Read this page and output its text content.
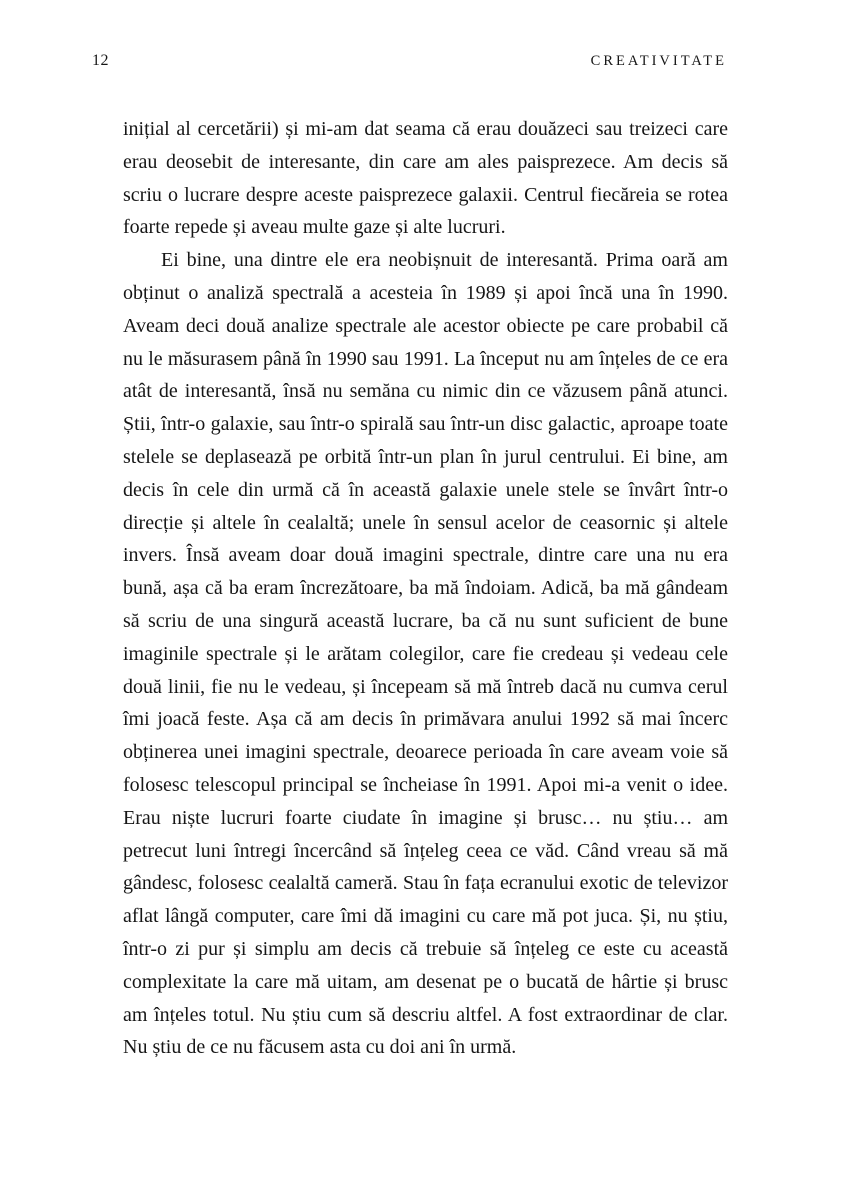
12	CREATIVITATE

inițial al cercetării) și mi-am dat seama că erau douăzeci sau treizeci care erau deosebit de interesante, din care am ales paisprezece. Am decis să scriu o lucrare despre aceste paisprezece galaxii. Centrul fiecăreia se rotea foarte repede și aveau multe gaze și alte lucruri.

Ei bine, una dintre ele era neobișnuit de interesantă. Prima oară am obținut o analiză spectrală a acesteia în 1989 și apoi încă una în 1990. Aveam deci două analize spectrale ale acestor obiecte pe care probabil că nu le măsurasem până în 1990 sau 1991. La început nu am înțeles de ce era atât de interesantă, însă nu semăna cu nimic din ce văzusem până atunci. Știi, într-o galaxie, sau într-o spirală sau într-un disc galactic, aproape toate stelele se deplasează pe orbită într-un plan în jurul centrului. Ei bine, am decis în cele din urmă că în această galaxie unele stele se învârt într-o direcție și altele în cealaltă; unele în sensul acelor de ceasornic și altele invers. Însă aveam doar două imagini spectrale, dintre care una nu era bună, așa că ba eram încrezătoare, ba mă îndoiam. Adică, ba mă gândeam să scriu de una singură această lucrare, ba că nu sunt suficient de bune imaginile spectrale și le arătam colegilor, care fie credeau și vedeau cele două linii, fie nu le vedeau, și începeam să mă întreb dacă nu cumva cerul îmi joacă feste. Așa că am decis în primăvara anului 1992 să mai încerc obținerea unei imagini spectrale, deoarece perioada în care aveam voie să folosesc telescopul principal se încheiase în 1991. Apoi mi-a venit o idee. Erau niște lucruri foarte ciudate în imagine și brusc… nu știu… am petrecut luni întregi încercând să înțeleg ceea ce văd. Când vreau să mă gândesc, folosesc cealaltă cameră. Stau în fața ecranului exotic de televizor aflat lângă computer, care îmi dă imagini cu care mă pot juca. Și, nu știu, într-o zi pur și simplu am decis că trebuie să înțeleg ce este cu această complexitate la care mă uitam, am desenat pe o bucată de hârtie și brusc am înțeles totul. Nu știu cum să descriu altfel. A fost extraordinar de clar. Nu știu de ce nu făcusem asta cu doi ani în urmă.
